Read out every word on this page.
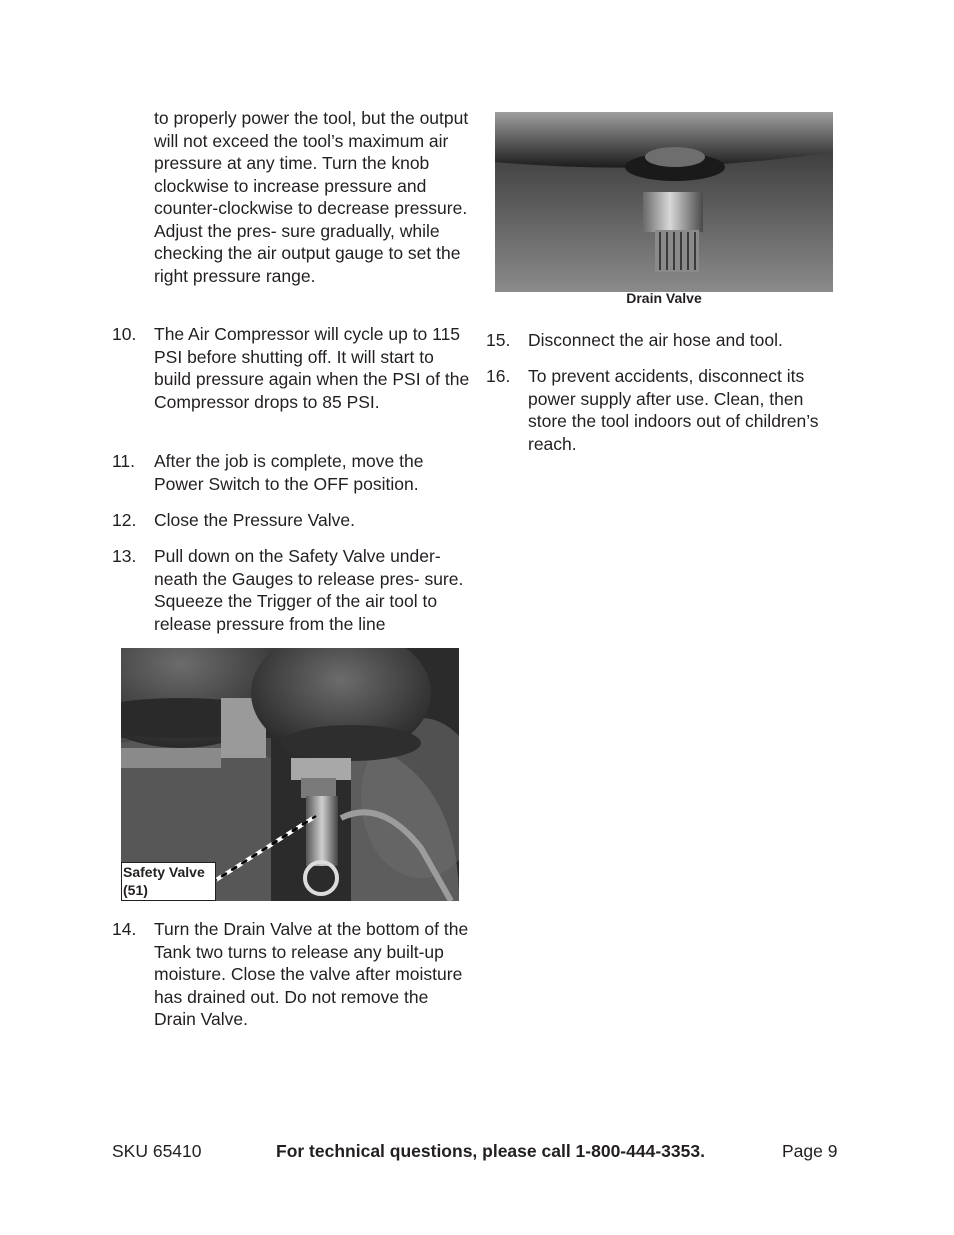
to properly power the tool, but the output will not exceed the tool’s maximum air pressure at any time. Turn the knob clockwise to increase pressure and counter-clockwise to decrease pressure. Adjust the pres- sure gradually, while checking the air output gauge to set the right pressure range.
10. The Air Compressor will cycle up to 115 PSI before shutting off. It will start to build pressure again when the PSI of the Compressor drops to 85 PSI.
11. After the job is complete, move the Power Switch to the OFF position.
12. Close the Pressure Valve.
13. Pull down on the Safety Valve under- neath the Gauges to release pres- sure. Squeeze the Trigger of the air tool to release pressure from the line
Safety Valve
(51)
14. Turn the Drain Valve at the bottom of the Tank two turns to release any built-up moisture. Close the valve after moisture has drained out. Do not remove the Drain Valve.
Drain Valve
15. Disconnect the air hose and tool.
16. To prevent accidents, disconnect its power supply after use. Clean, then store the tool indoors out of children’s reach.
SKU 65410	For technical questions, please call 1-800-444-3353.	Page 9
